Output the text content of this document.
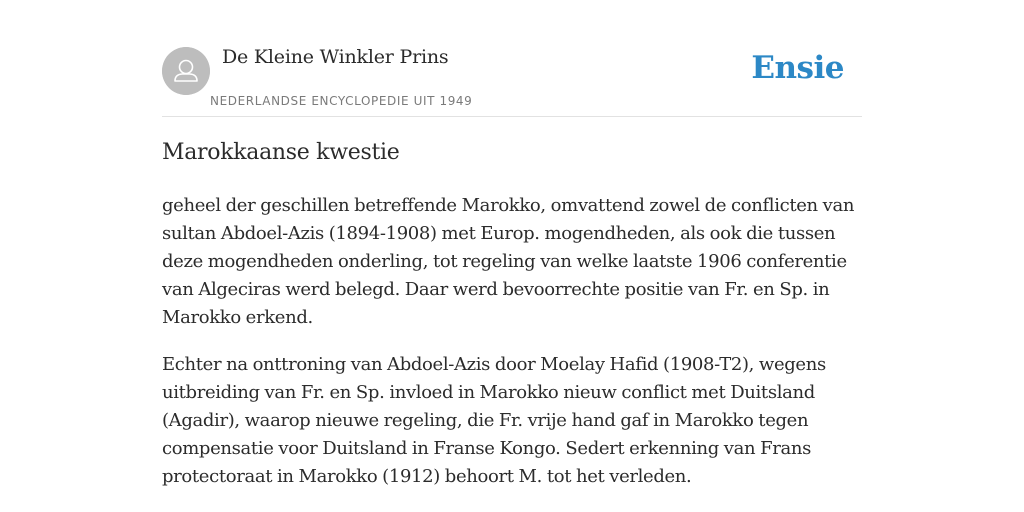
De Kleine Winkler Prins
NEDERLANDSE ENCYCLOPEDIE UIT 1949
Ensie
Marokkaanse kwestie

geheel der geschillen betreffende Marokko, omvattend zowel de conflicten van sultan Abdoel-Azis (1894-1908) met Europ. mogendheden, als ook die tussen deze mogendheden onderling, tot regeling van welke laatste 1906 conferentie van Algeciras werd belegd. Daar werd bevoorrechte positie van Fr. en Sp. in Marokko erkend.

Echter na onttroning van Abdoel-Azis door Moelay Hafid (1908-T2), wegens uitbreiding van Fr. en Sp. invloed in Marokko nieuw conflict met Duitsland (Agadir), waarop nieuwe regeling, die Fr. vrije hand gaf in Marokko tegen compensatie voor Duitsland in Franse Kongo. Sedert erkenning van Frans protectoraat in Marokko (1912) behoort M. tot het verleden.
